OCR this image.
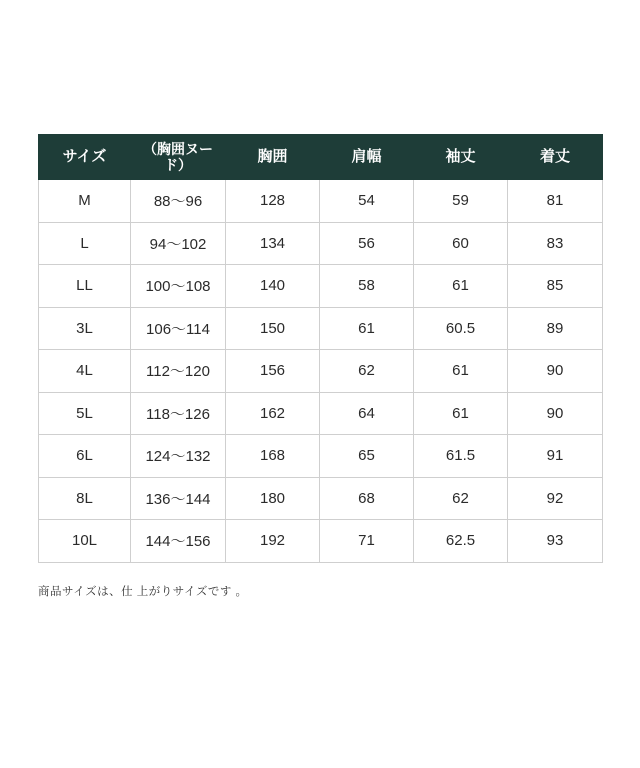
サイズ	（胸囲ヌード）	胸囲	肩幅	袖丈	着丈
M	88〜96	128	54	59	81
L	94〜102	134	56	60	83
LL	100〜108	140	58	61	85
3L	106〜114	150	61	60.5	89
4L	112〜120	156	62	61	90
5L	118〜126	162	64	61	90
6L	124〜132	168	65	61.5	91
8L	136〜144	180	68	62	92
10L	144〜156	192	71	62.5	93
商品サイズは、仕 上がりサイズです 。
